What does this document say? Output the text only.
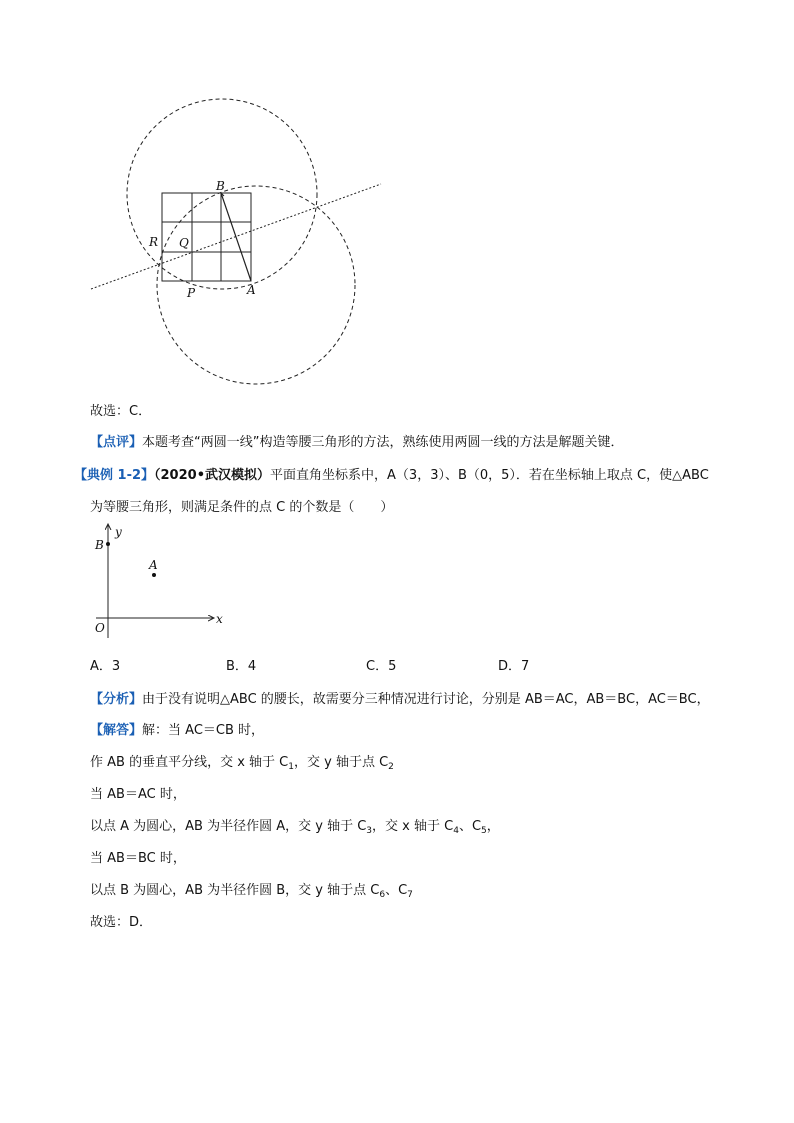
B
A
Q
R
P
故选：C．
【点评】本题考查“两圆一线”构造等腰三角形的方法，熟练使用两圆一线的方法是解题关键．
【典例 1-2】（2020•武汉模拟）平面直角坐标系中，A（3，3）、B（0，5）．若在坐标轴上取点 C，使△ABC
为等腰三角形，则满足条件的点 C 的个数是（　　）
y
x
B
A
O
A．3	B．4	C．5	D．7
【分析】由于没有说明△ABC 的腰长，故需要分三种情况进行讨论，分别是 AB＝AC，AB＝BC，AC＝BC，
【解答】解：当 AC＝CB 时，
作 AB 的垂直平分线，交 x 轴于 $C_1$，交 y 轴于点 $C_2$
当 AB＝AC 时，
以点 A 为圆心，AB 为半径作圆 A，交 y 轴于 $C_3$，交 x 轴于 $C_4$、$C_5$，
当 AB＝BC 时，
以点 B 为圆心，AB 为半径作圆 B，交 y 轴于点 $C_6$、$C_7$
故选：D．
